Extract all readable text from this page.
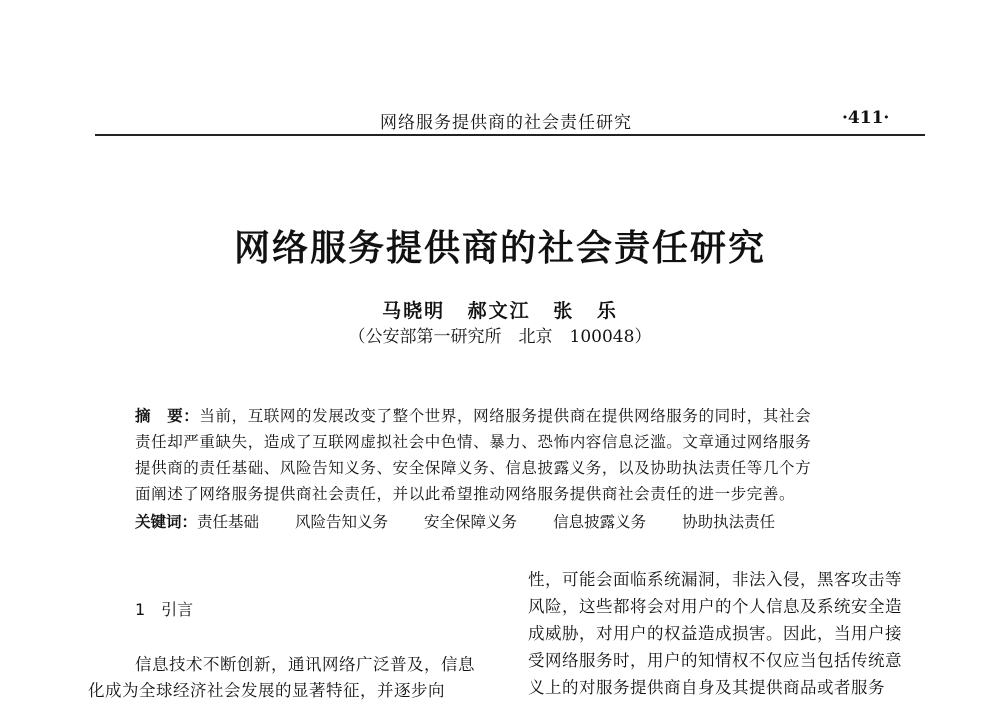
网络服务提供商的社会责任研究	·411·
网络服务提供商的社会责任研究
马晓明 郝文江 张 乐
（公安部第一研究所　北京　100048）
摘　要：当前，互联网的发展改变了整个世界，网络服务提供商在提供网络服务的同时，其社会
责任却严重缺失，造成了互联网虚拟社会中色情、暴力、恐怖内容信息泛滥。文章通过网络服务
提供商的责任基础、风险告知义务、安全保障义务、信息披露义务，以及协助执法责任等几个方
面阐述了网络服务提供商社会责任，并以此希望推动网络服务提供商社会责任的进一步完善。
关键词：责任基础 风险告知义务 安全保障义务 信息披露义务 协助执法责任
1　引言
信息技术不断创新，通讯网络广泛普及，信息
化成为全球经济社会发展的显著特征，并逐步向
性，可能会面临系统漏洞，非法入侵，黑客攻击等
风险，这些都将会对用户的个人信息及系统安全造
成威胁，对用户的权益造成损害。因此，当用户接
受网络服务时，用户的知情权不仅应当包括传统意
义上的对服务提供商自身及其提供商品或者服务
